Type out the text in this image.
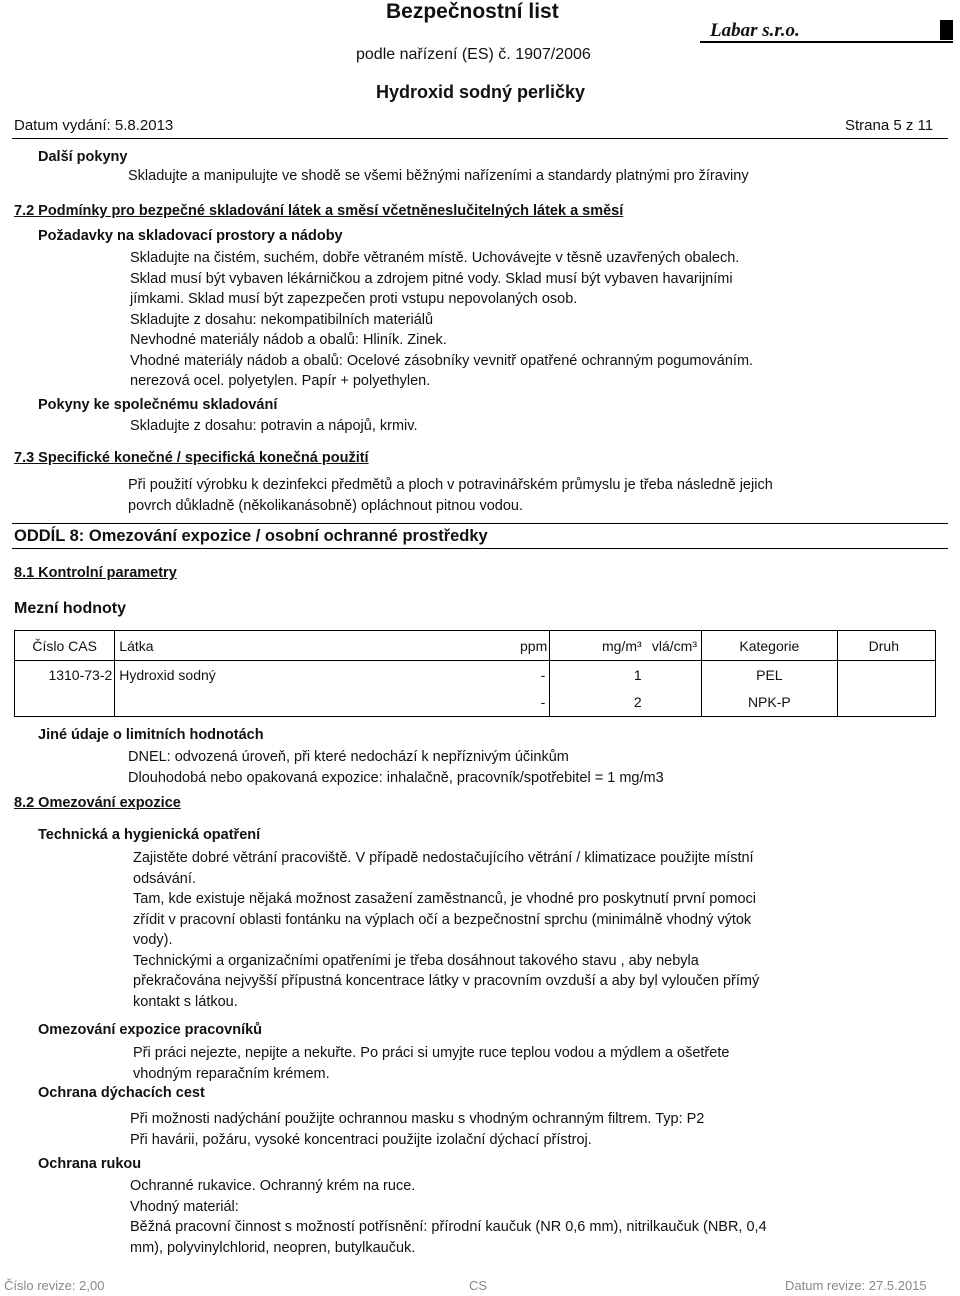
Bezpečnostní list
Labar s.r.o.
podle nařízení (ES) č. 1907/2006
Hydroxid sodný perličky
Datum vydání: 5.8.2013	Strana 5 z 11
Další pokyny
Skladujte a manipulujte ve shodě se všemi běžnými nařízeními a standardy platnými pro žíraviny
7.2 Podmínky pro bezpečné skladování látek a směsí včetněneslučitelných látek a směsí
Požadavky na skladovací prostory a nádoby
Skladujte na čistém, suchém, dobře větraném místě. Uchovávejte v těsně uzavřených obalech.
Sklad musí být vybaven lékárničkou a zdrojem pitné vody. Sklad musí být vybaven havarijními
jímkami. Sklad musí být zapezpečen proti vstupu nepovolaných osob.
Skladujte z dosahu: nekompatibilních materiálů
Nevhodné materiály nádob a obalů: Hliník. Zinek.
Vhodné materiály nádob a obalů: Ocelové zásobníky vevnitř opatřené ochranným pogumováním.
nerezová ocel. polyetylen. Papír + polyethylen.
Pokyny ke společnému skladování
Skladujte z dosahu: potravin a nápojů, krmiv.
7.3 Specifické konečné / specifická konečná použití
Při použití výrobku k dezinfekci předmětů a ploch v potravinářském průmyslu je třeba následně jejich
povrch důkladně (několikanásobně) opláchnout pitnou vodou.
ODDÍL 8: Omezování expozice / osobní ochranné prostředky
8.1 Kontrolní parametry
Mezní hodnoty
Číslo CAS	Látka	ppm	mg/m³	vlá/cm³	Kategorie	Druh
1310-73-2	Hydroxid sodný	-	1		PEL	
		-	2		NPK-P	
Jiné údaje o limitních hodnotách
DNEL: odvozená úroveň, při které nedochází k nepříznivým účinkům
Dlouhodobá nebo opakovaná expozice: inhalačně, pracovník/spotřebitel = 1 mg/m3
8.2 Omezování expozice
Technická a hygienická opatření
Zajistěte dobré větrání pracoviště. V případě nedostačujícího větrání / klimatizace použijte místní
odsávání.
Tam, kde existuje nějaká možnost zasažení zaměstnanců, je vhodné pro poskytnutí první pomoci
zřídit v pracovní oblasti fontánku na výplach očí a bezpečnostní sprchu (minimálně vhodný výtok
vody).
Technickými a organizačními opatřeními je třeba dosáhnout takového stavu , aby nebyla
překračována nejvyšší přípustná koncentrace látky v pracovním ovzduší a aby byl vyloučen přímý
kontakt s látkou.
Omezování expozice pracovníků
Při práci nejezte, nepijte a nekuřte. Po práci si umyjte ruce teplou vodou a mýdlem a ošetřete
vhodným reparačním krémem.
Ochrana dýchacích cest
Při možnosti nadýchání použijte ochrannou masku s vhodným ochranným filtrem. Typ: P2
Při havárii, požáru, vysoké koncentraci použijte izolační dýchací přístroj.
Ochrana rukou
Ochranné rukavice. Ochranný krém na ruce.
Vhodný materiál:
Běžná pracovní činnost s možností potřísnění: přírodní kaučuk (NR 0,6 mm), nitrilkaučuk (NBR, 0,4
mm), polyvinylchlorid, neopren, butylkaučuk.
Číslo revize: 2,00	CS	Datum revize: 27.5.2015
